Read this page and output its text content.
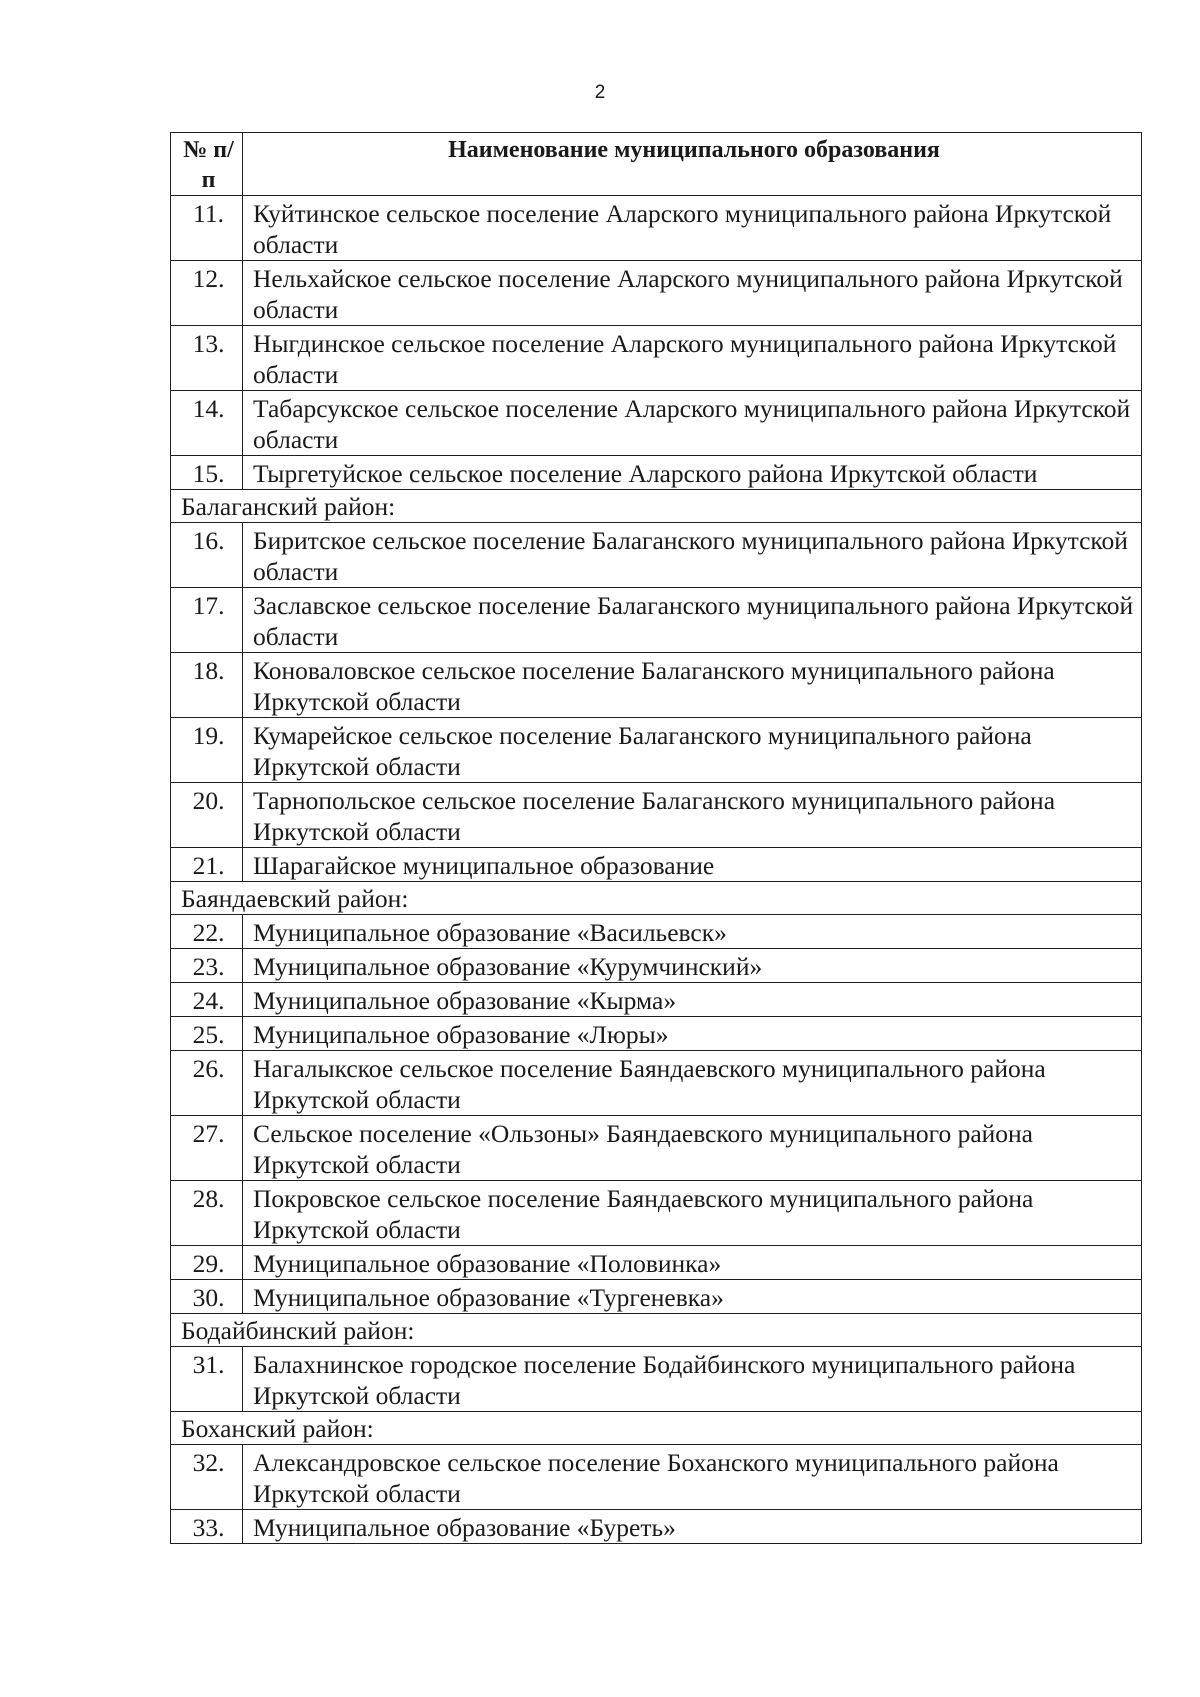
2
№ п/п	Наименование муниципального образования
11.	Куйтинское сельское поселение Аларского муниципального района Иркутской области
12.	Нельхайское сельское поселение Аларского муниципального района Иркутской области
13.	Ныгдинское сельское поселение Аларского муниципального района Иркутской области
14.	Табарсукское сельское поселение Аларского муниципального района Иркутской области
15.	Тыргетуйское сельское поселение Аларского района Иркутской области
Балаганский район:	
16.	Биритское сельское поселение Балаганского муниципального района Иркутской области
17.	Заславское сельское поселение Балаганского муниципального района Иркутской области
18.	Коноваловское сельское поселение Балаганского муниципального района Иркутской области
19.	Кумарейское сельское поселение Балаганского муниципального района Иркутской области
20.	Тарнопольское сельское поселение Балаганского муниципального района Иркутской области
21.	Шарагайское муниципальное образование
Баяндаевский район:	
22.	Муниципальное образование «Васильевск»
23.	Муниципальное образование «Курумчинский»
24.	Муниципальное образование «Кырма»
25.	Муниципальное образование «Люры»
26.	Нагалыкское сельское поселение Баяндаевского муниципального района Иркутской области
27.	Сельское поселение «Ользоны» Баяндаевского муниципального района Иркутской области
28.	Покровское сельское поселение Баяндаевского муниципального района Иркутской области
29.	Муниципальное образование «Половинка»
30.	Муниципальное образование «Тургеневка»
Бодайбинский район:	
31.	Балахнинское городское поселение Бодайбинского муниципального района Иркутской области
Боханский район:	
32.	Александровское сельское поселение Боханского муниципального района Иркутской области
33.	Муниципальное образование «Буреть»
